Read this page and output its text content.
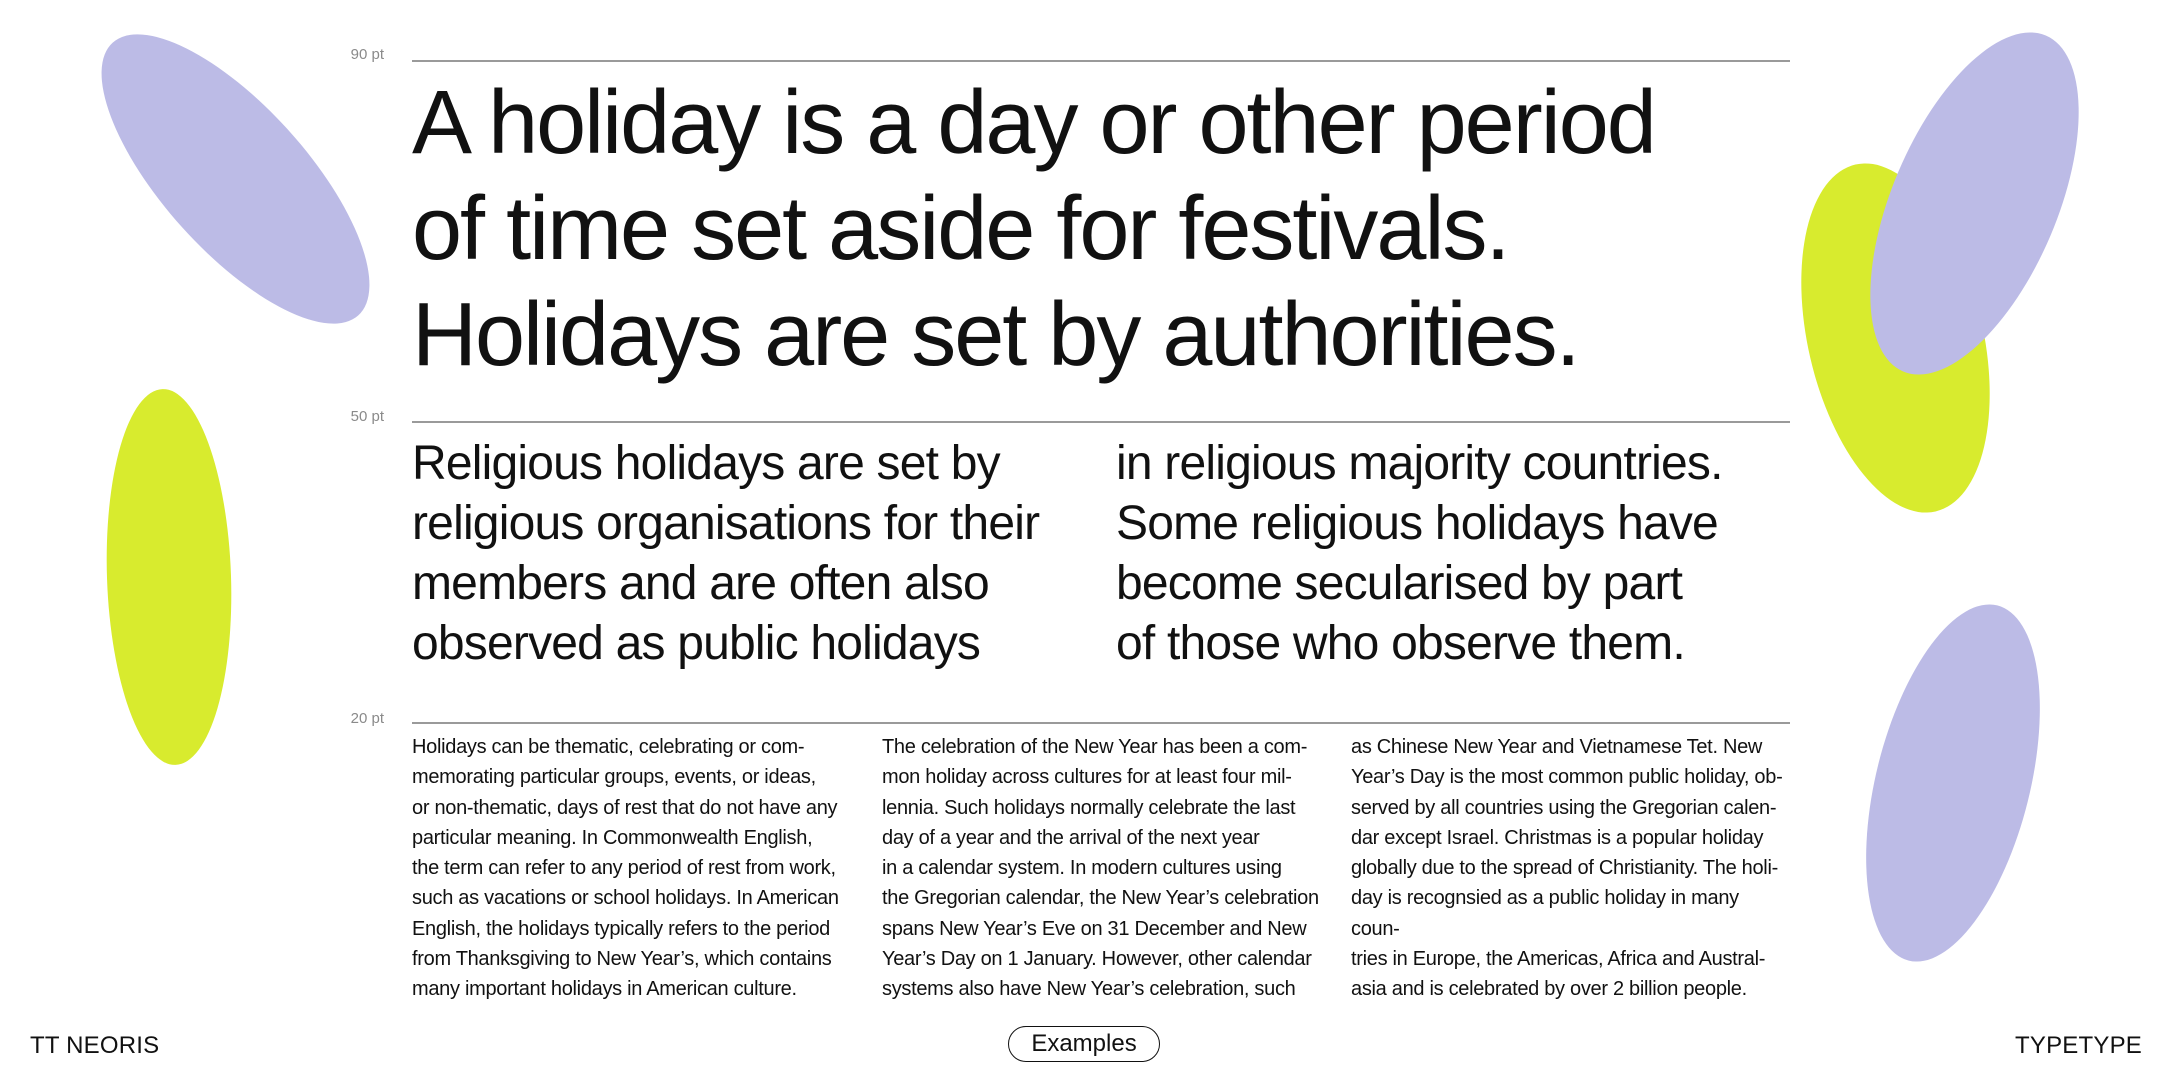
90 pt
A holiday is a day or other period
of time set aside for festivals.
Holidays are set by authorities.
50 pt

Religious holidays are set by
religious organisations for their
members and are often also
observed as public holidays

in religious majority countries.
Some religious holidays have
become secularised by part
of those who observe them.

20 pt

Holidays can be thematic, celebrating or com-
memorating particular groups, events, or ideas,
or non-thematic, days of rest that do not have any
particular meaning. In Commonwealth English,
the term can refer to any period of rest from work,
such as vacations or school holidays. In American
English, the holidays typically refers to the period
from Thanksgiving to New Year’s, which contains
many important holidays in American culture.

The celebration of the New Year has been a com-
mon holiday across cultures for at least four mil-
lennia. Such holidays normally celebrate the last
day of a year and the arrival of the next year
in a calendar system. In modern cultures using
the Gregorian calendar, the New Year’s celebration
spans New Year’s Eve on 31 December and New
Year’s Day on 1 January. However, other calendar
systems also have New Year’s celebration, such

as Chinese New Year and Vietnamese Tet. New
Year’s Day is the most common public holiday, ob-
served by all countries using the Gregorian calen-
dar except Israel. Christmas is a popular holiday
globally due to the spread of Christianity. The holi-
day is recognsied as a public holiday in many coun-
tries in Europe, the Americas, Africa and Austral-
asia and is celebrated by over 2 billion people.

TT NEORIS	Examples	TYPETYPE
